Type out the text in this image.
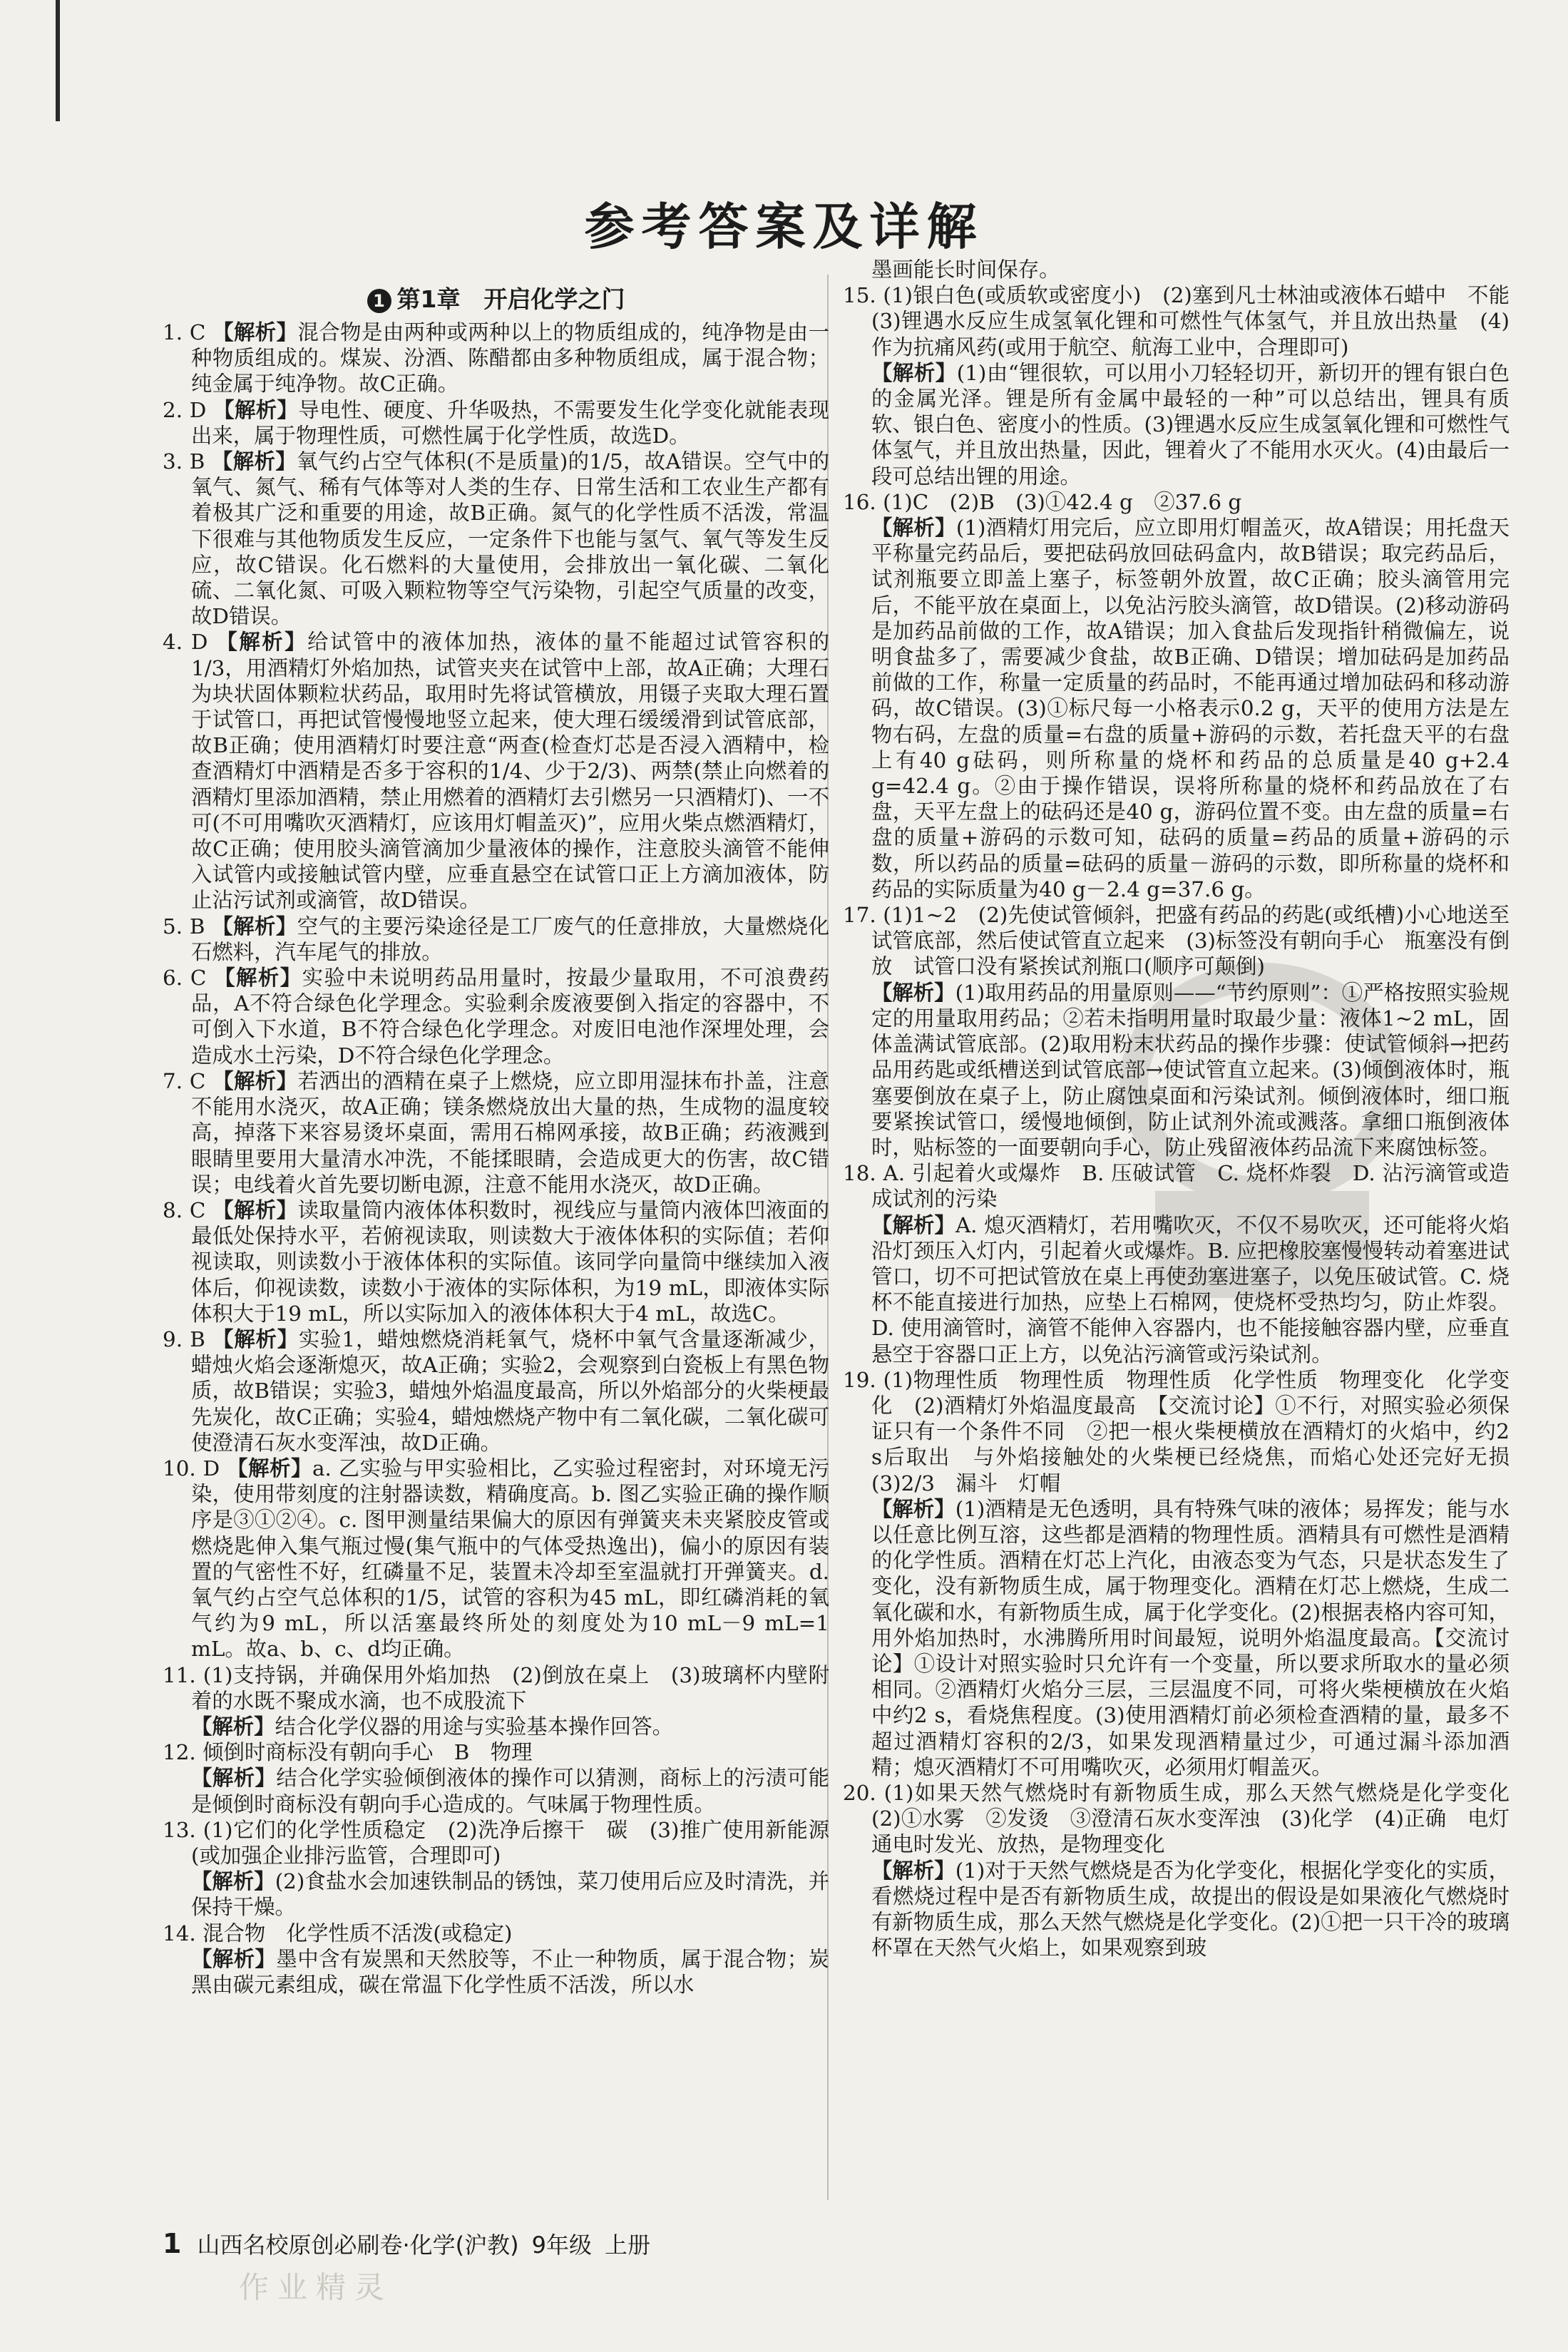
参考答案及详解
1 第1章　开启化学之门

1. C 【解析】混合物是由两种或两种以上的物质组成的，纯净物是由一种物质组成的。煤炭、汾酒、陈醋都由多种物质组成，属于混合物；纯金属于纯净物。故C正确。

2. D 【解析】导电性、硬度、升华吸热，不需要发生化学变化就能表现出来，属于物理性质，可燃性属于化学性质，故选D。

3. B 【解析】氧气约占空气体积(不是质量)的1/5，故A错误。空气中的氧气、氮气、稀有气体等对人类的生存、日常生活和工农业生产都有着极其广泛和重要的用途，故B正确。氮气的化学性质不活泼，常温下很难与其他物质发生反应，一定条件下也能与氢气、氧气等发生反应，故C错误。化石燃料的大量使用，会排放出一氧化碳、二氧化硫、二氧化氮、可吸入颗粒物等空气污染物，引起空气质量的改变，故D错误。

4. D 【解析】给试管中的液体加热，液体的量不能超过试管容积的1/3，用酒精灯外焰加热，试管夹夹在试管中上部，故A正确；大理石为块状固体颗粒状药品，取用时先将试管横放，用镊子夹取大理石置于试管口，再把试管慢慢地竖立起来，使大理石缓缓滑到试管底部，故B正确；使用酒精灯时要注意“两查(检查灯芯是否浸入酒精中，检查酒精灯中酒精是否多于容积的1/4、少于2/3)、两禁(禁止向燃着的酒精灯里添加酒精，禁止用燃着的酒精灯去引燃另一只酒精灯)、一不可(不可用嘴吹灭酒精灯，应该用灯帽盖灭)”，应用火柴点燃酒精灯，故C正确；使用胶头滴管滴加少量液体的操作，注意胶头滴管不能伸入试管内或接触试管内壁，应垂直悬空在试管口正上方滴加液体，防止沾污试剂或滴管，故D错误。

5. B 【解析】空气的主要污染途径是工厂废气的任意排放，大量燃烧化石燃料，汽车尾气的排放。

6. C 【解析】实验中未说明药品用量时，按最少量取用，不可浪费药品，A不符合绿色化学理念。实验剩余废液要倒入指定的容器中，不可倒入下水道，B不符合绿色化学理念。对废旧电池作深埋处理，会造成水土污染，D不符合绿色化学理念。

7. C 【解析】若洒出的酒精在桌子上燃烧，应立即用湿抹布扑盖，注意不能用水浇灭，故A正确；镁条燃烧放出大量的热，生成物的温度较高，掉落下来容易烫坏桌面，需用石棉网承接，故B正确；药液溅到眼睛里要用大量清水冲洗，不能揉眼睛，会造成更大的伤害，故C错误；电线着火首先要切断电源，注意不能用水浇灭，故D正确。

8. C 【解析】读取量筒内液体体积数时，视线应与量筒内液体凹液面的最低处保持水平，若俯视读取，则读数大于液体体积的实际值；若仰视读取，则读数小于液体体积的实际值。该同学向量筒中继续加入液体后，仰视读数，读数小于液体的实际体积，为19 mL，即液体实际体积大于19 mL，所以实际加入的液体体积大于4 mL，故选C。

9. B 【解析】实验1，蜡烛燃烧消耗氧气，烧杯中氧气含量逐渐减少，蜡烛火焰会逐渐熄灭，故A正确；实验2，会观察到白瓷板上有黑色物质，故B错误；实验3，蜡烛外焰温度最高，所以外焰部分的火柴梗最先炭化，故C正确；实验4，蜡烛燃烧产物中有二氧化碳，二氧化碳可使澄清石灰水变浑浊，故D正确。

10. D 【解析】a. 乙实验与甲实验相比，乙实验过程密封，对环境无污染，使用带刻度的注射器读数，精确度高。b. 图乙实验正确的操作顺序是③①②④。c. 图甲测量结果偏大的原因有弹簧夹未夹紧胶皮管或燃烧匙伸入集气瓶过慢(集气瓶中的气体受热逸出)，偏小的原因有装置的气密性不好，红磷量不足，装置未冷却至室温就打开弹簧夹。d. 氧气约占空气总体积的1/5，试管的容积为45 mL，即红磷消耗的氧气约为9 mL，所以活塞最终所处的刻度处为10 mL－9 mL=1 mL。故a、b、c、d均正确。

11. (1)支持锅，并确保用外焰加热　(2)倒放在桌上　(3)玻璃杯内壁附着的水既不聚成水滴，也不成股流下

【解析】结合化学仪器的用途与实验基本操作回答。

12. 倾倒时商标没有朝向手心　B　物理

【解析】结合化学实验倾倒液体的操作可以猜测，商标上的污渍可能是倾倒时商标没有朝向手心造成的。气味属于物理性质。

13. (1)它们的化学性质稳定　(2)洗净后擦干　碳　(3)推广使用新能源(或加强企业排污监管，合理即可)

【解析】(2)食盐水会加速铁制品的锈蚀，菜刀使用后应及时清洗，并保持干燥。

14. 混合物　化学性质不活泼(或稳定)

【解析】墨中含有炭黑和天然胶等，不止一种物质，属于混合物；炭黑由碳元素组成，碳在常温下化学性质不活泼，所以水

墨画能长时间保存。

15. (1)银白色(或质软或密度小)　(2)塞到凡士林油或液体石蜡中　不能　(3)锂遇水反应生成氢氧化锂和可燃性气体氢气，并且放出热量　(4)作为抗痛风药(或用于航空、航海工业中，合理即可)

【解析】(1)由“锂很软，可以用小刀轻轻切开，新切开的锂有银白色的金属光泽。锂是所有金属中最轻的一种”可以总结出，锂具有质软、银白色、密度小的性质。(3)锂遇水反应生成氢氧化锂和可燃性气体氢气，并且放出热量，因此，锂着火了不能用水灭火。(4)由最后一段可总结出锂的用途。

16. (1)C　(2)B　(3)①42.4 g　②37.6 g

【解析】(1)酒精灯用完后，应立即用灯帽盖灭，故A错误；用托盘天平称量完药品后，要把砝码放回砝码盒内，故B错误；取完药品后，试剂瓶要立即盖上塞子，标签朝外放置，故C正确；胶头滴管用完后，不能平放在桌面上，以免沾污胶头滴管，故D错误。(2)移动游码是加药品前做的工作，故A错误；加入食盐后发现指针稍微偏左，说明食盐多了，需要减少食盐，故B正确、D错误；增加砝码是加药品前做的工作，称量一定质量的药品时，不能再通过增加砝码和移动游码，故C错误。(3)①标尺每一小格表示0.2 g，天平的使用方法是左物右码，左盘的质量=右盘的质量+游码的示数，若托盘天平的右盘上有40 g砝码，则所称量的烧杯和药品的总质量是40 g+2.4 g=42.4 g。②由于操作错误，误将所称量的烧杯和药品放在了右盘，天平左盘上的砝码还是40 g，游码位置不变。由左盘的质量=右盘的质量+游码的示数可知，砝码的质量=药品的质量+游码的示数，所以药品的质量=砝码的质量－游码的示数，即所称量的烧杯和药品的实际质量为40 g－2.4 g=37.6 g。

17. (1)1~2　(2)先使试管倾斜，把盛有药品的药匙(或纸槽)小心地送至试管底部，然后使试管直立起来　(3)标签没有朝向手心　瓶塞没有倒放　试管口没有紧挨试剂瓶口(顺序可颠倒)

【解析】(1)取用药品的用量原则——“节约原则”：①严格按照实验规定的用量取用药品；②若未指明用量时取最少量：液体1~2 mL，固体盖满试管底部。(2)取用粉末状药品的操作步骤：使试管倾斜→把药品用药匙或纸槽送到试管底部→使试管直立起来。(3)倾倒液体时，瓶塞要倒放在桌子上，防止腐蚀桌面和污染试剂。倾倒液体时，细口瓶要紧挨试管口，缓慢地倾倒，防止试剂外流或溅落。拿细口瓶倒液体时，贴标签的一面要朝向手心，防止残留液体药品流下来腐蚀标签。

18. A. 引起着火或爆炸　B. 压破试管　C. 烧杯炸裂　D. 沾污滴管或造成试剂的污染

【解析】A. 熄灭酒精灯，若用嘴吹灭，不仅不易吹灭，还可能将火焰沿灯颈压入灯内，引起着火或爆炸。B. 应把橡胶塞慢慢转动着塞进试管口，切不可把试管放在桌上再使劲塞进塞子，以免压破试管。C. 烧杯不能直接进行加热，应垫上石棉网，使烧杯受热均匀，防止炸裂。D. 使用滴管时，滴管不能伸入容器内，也不能接触容器内壁，应垂直悬空于容器口正上方，以免沾污滴管或污染试剂。

19. (1)物理性质　物理性质　物理性质　化学性质　物理变化　化学变化　(2)酒精灯外焰温度最高　【交流讨论】①不行，对照实验必须保证只有一个条件不同　②把一根火柴梗横放在酒精灯的火焰中，约2 s后取出　与外焰接触处的火柴梗已经烧焦，而焰心处还完好无损　(3)2/3　漏斗　灯帽

【解析】(1)酒精是无色透明，具有特殊气味的液体；易挥发；能与水以任意比例互溶，这些都是酒精的物理性质。酒精具有可燃性是酒精的化学性质。酒精在灯芯上汽化，由液态变为气态，只是状态发生了变化，没有新物质生成，属于物理变化。酒精在灯芯上燃烧，生成二氧化碳和水，有新物质生成，属于化学变化。(2)根据表格内容可知，用外焰加热时，水沸腾所用时间最短，说明外焰温度最高。【交流讨论】①设计对照实验时只允许有一个变量，所以要求所取水的量必须相同。②酒精灯火焰分三层，三层温度不同，可将火柴梗横放在火焰中约2 s，看烧焦程度。(3)使用酒精灯前必须检查酒精的量，最多不超过酒精灯容积的2/3，如果发现酒精量过少，可通过漏斗添加酒精；熄灭酒精灯不可用嘴吹灭，必须用灯帽盖灭。

20. (1)如果天然气燃烧时有新物质生成，那么天然气燃烧是化学变化　(2)①水雾　②发烫　③澄清石灰水变浑浊　(3)化学　(4)正确　电灯通电时发光、放热，是物理变化

【解析】(1)对于天然气燃烧是否为化学变化，根据化学变化的实质，看燃烧过程中是否有新物质生成，故提出的假设是如果液化气燃烧时有新物质生成，那么天然气燃烧是化学变化。(2)①把一只干冷的玻璃杯罩在天然气火焰上，如果观察到玻

1 山西名校原创必刷卷·化学(沪教) 9年级 上册
作业精灵
